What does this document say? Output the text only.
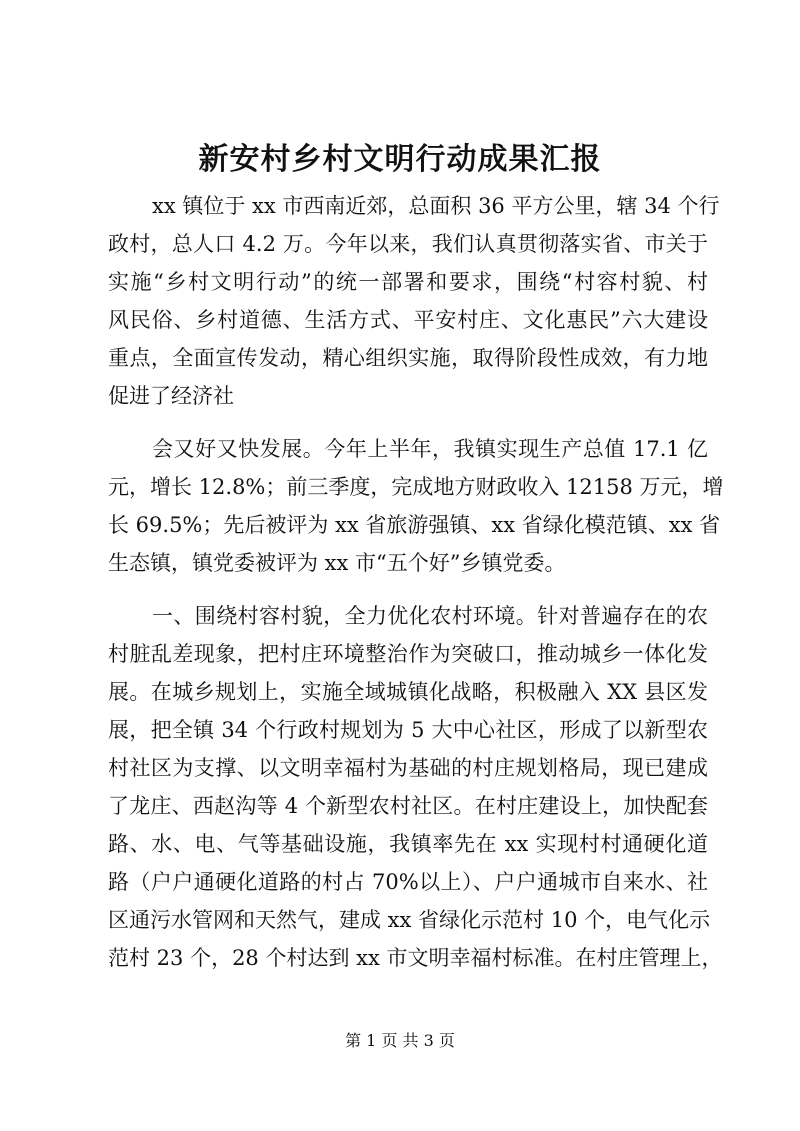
新安村乡村文明行动成果汇报
xx 镇位于 xx 市西南近郊，总面积 36 平方公里，辖 34 个行
政村，总人口 4.2 万。今年以来，我们认真贯彻落实省、市关于
实施“乡村文明行动”的统一部署和要求，围绕“村容村貌、村
风民俗、乡村道德、生活方式、平安村庄、文化惠民”六大建设
重点，全面宣传发动，精心组织实施，取得阶段性成效，有力地
促进了经济社
会又好又快发展。今年上半年，我镇实现生产总值 17.1 亿
元，增长 12.8%；前三季度，完成地方财政收入 12158 万元，增
长 69.5%；先后被评为 xx 省旅游强镇、xx 省绿化模范镇、xx 省
生态镇，镇党委被评为 xx 市“五个好”乡镇党委。
一、围绕村容村貌，全力优化农村环境。针对普遍存在的农
村脏乱差现象，把村庄环境整治作为突破口，推动城乡一体化发
展。在城乡规划上，实施全域城镇化战略，积极融入 XX 县区发
展，把全镇 34 个行政村规划为 5 大中心社区，形成了以新型农
村社区为支撑、以文明幸福村为基础的村庄规划格局，现已建成
了龙庄、西赵沟等 4 个新型农村社区。在村庄建设上，加快配套
路、水、电、气等基础设施，我镇率先在 xx 实现村村通硬化道
路（户户通硬化道路的村占 70%以上）、户户通城市自来水、社
区通污水管网和天然气，建成 xx 省绿化示范村 10 个，电气化示
范村 23 个，28 个村达到 xx 市文明幸福村标准。在村庄管理上，
第 1 页 共 3 页
